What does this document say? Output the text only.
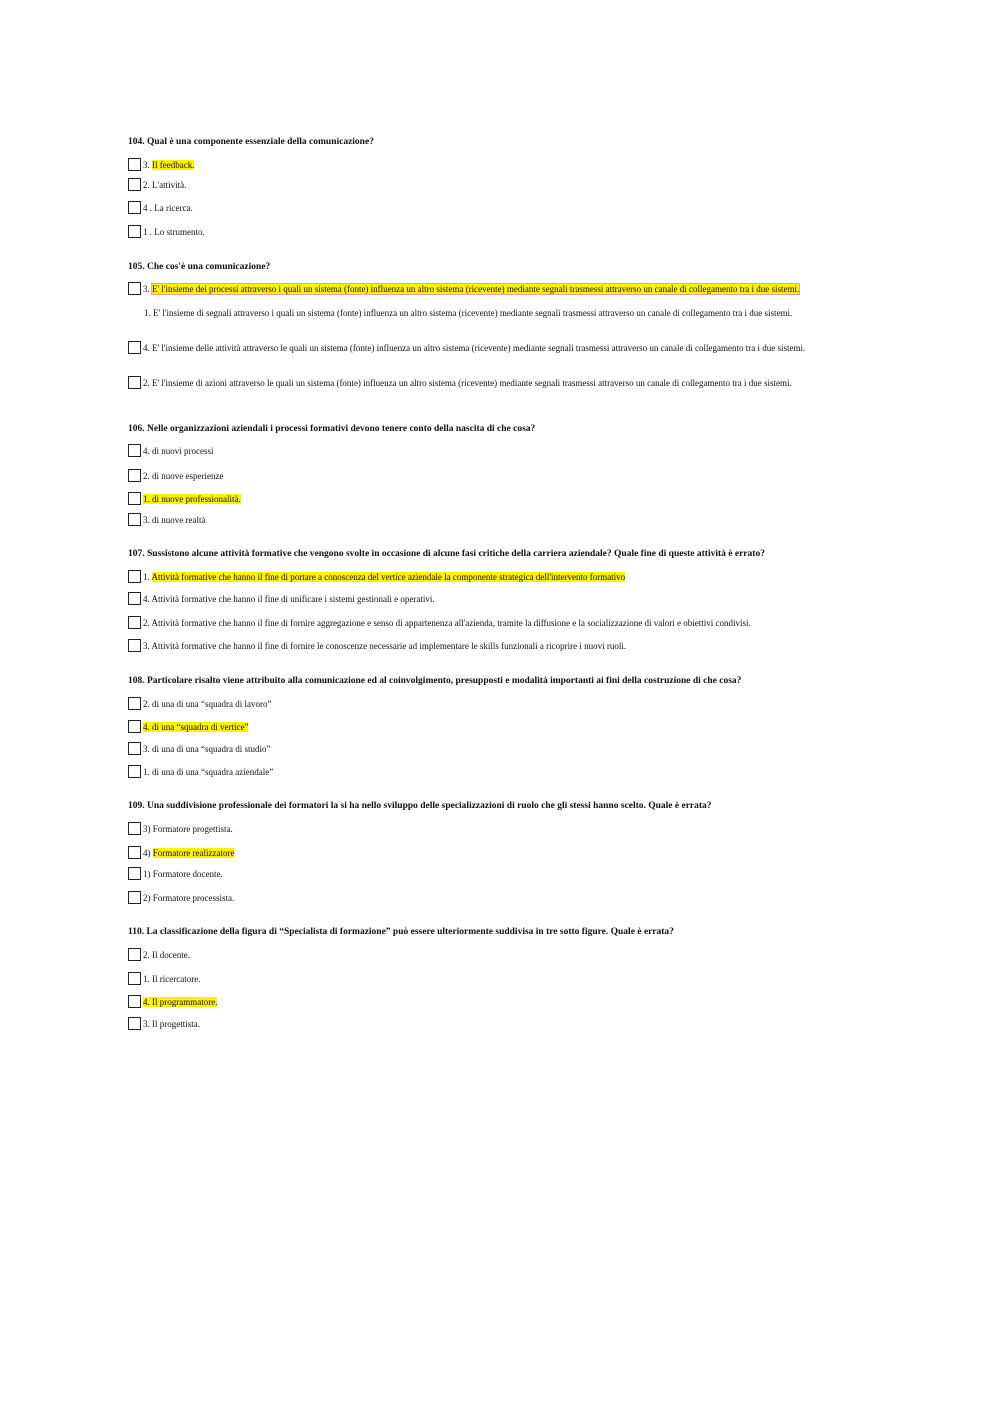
104. Qual è una componente essenziale della comunicazione?
3. Il feedback.
2. L'attività.
4 . La ricerca.
1 . Lo strumento.
105. Che cos'è una comunicazione?
3. E' l'insieme dei processi attraverso i quali un sistema (fonte) influenza un altro sistema (ricevente) mediante segnali trasmessi attraverso un canale di collegamento tra i due sistemi.
1. E' l'insieme di segnali attraverso i quali un sistema (fonte) influenza un altro sistema (ricevente) mediante segnali trasmessi attraverso un canale di collegamento tra i due sistemi.
4. E' l'insieme delle attività attraverso le quali un sistema (fonte) influenza un altro sistema (ricevente) mediante segnali trasmessi attraverso un canale di collegamento tra i due sistemi.
2. E' l'insieme di azioni attraverso le quali un sistema (fonte) influenza un altro sistema (ricevente) mediante segnali trasmessi attraverso un canale di collegamento tra i due sistemi.
106. Nelle organizzazioni aziendali i processi formativi devono tenere conto della nascita di che cosa?
4. di nuovi processi
2. di nuove esperienze
1. di nuove professionalità.
3. di nuove realtà
107. Sussistono alcune attività formative che vengono svolte in occasione di alcune fasi critiche della carriera aziendale? Quale fine di queste attività è errato?
1. Attività formative che hanno il fine di portare a conoscenza del vertice aziendale la componente strategica dell'intervento formativo
4. Attività formative che hanno il fine di unificare i sistemi gestionali e operativi.
2. Attività formative che hanno il fine di fornire aggregazione e senso di appartenenza all'azienda, tramite la diffusione e la socializzazione di valori e obiettivi condivisi.
3. Attività formative che hanno il fine di fornire le conoscenze necessarie ad implementare le skills funzionali a ricoprire i nuovi ruoli.
108. Particolare risalto viene attribuito alla comunicazione ed al coinvolgimento, presupposti e modalità importanti ai fini della costruzione di che cosa?
2. di una di una “squadra di lavoro”
4. di una “squadra di vertice”
3. di una di una “squadra di studio”
1. di una di una “squadra aziendale”
109. Una suddivisione professionale dei formatori la si ha nello sviluppo delle specializzazioni di ruolo che gli stessi hanno scelto. Quale è errata?
3) Formatore progettista.
4) Formatore realizzatore
1) Formatore docente.
2) Formatore processista.
110. La classificazione della figura di “Specialista di formazione” può essere ulteriormente suddivisa in tre sotto figure. Quale è errata?
2. Il docente.
1. Il ricercatore.
4. Il programmatore.
3. Il progettista.
